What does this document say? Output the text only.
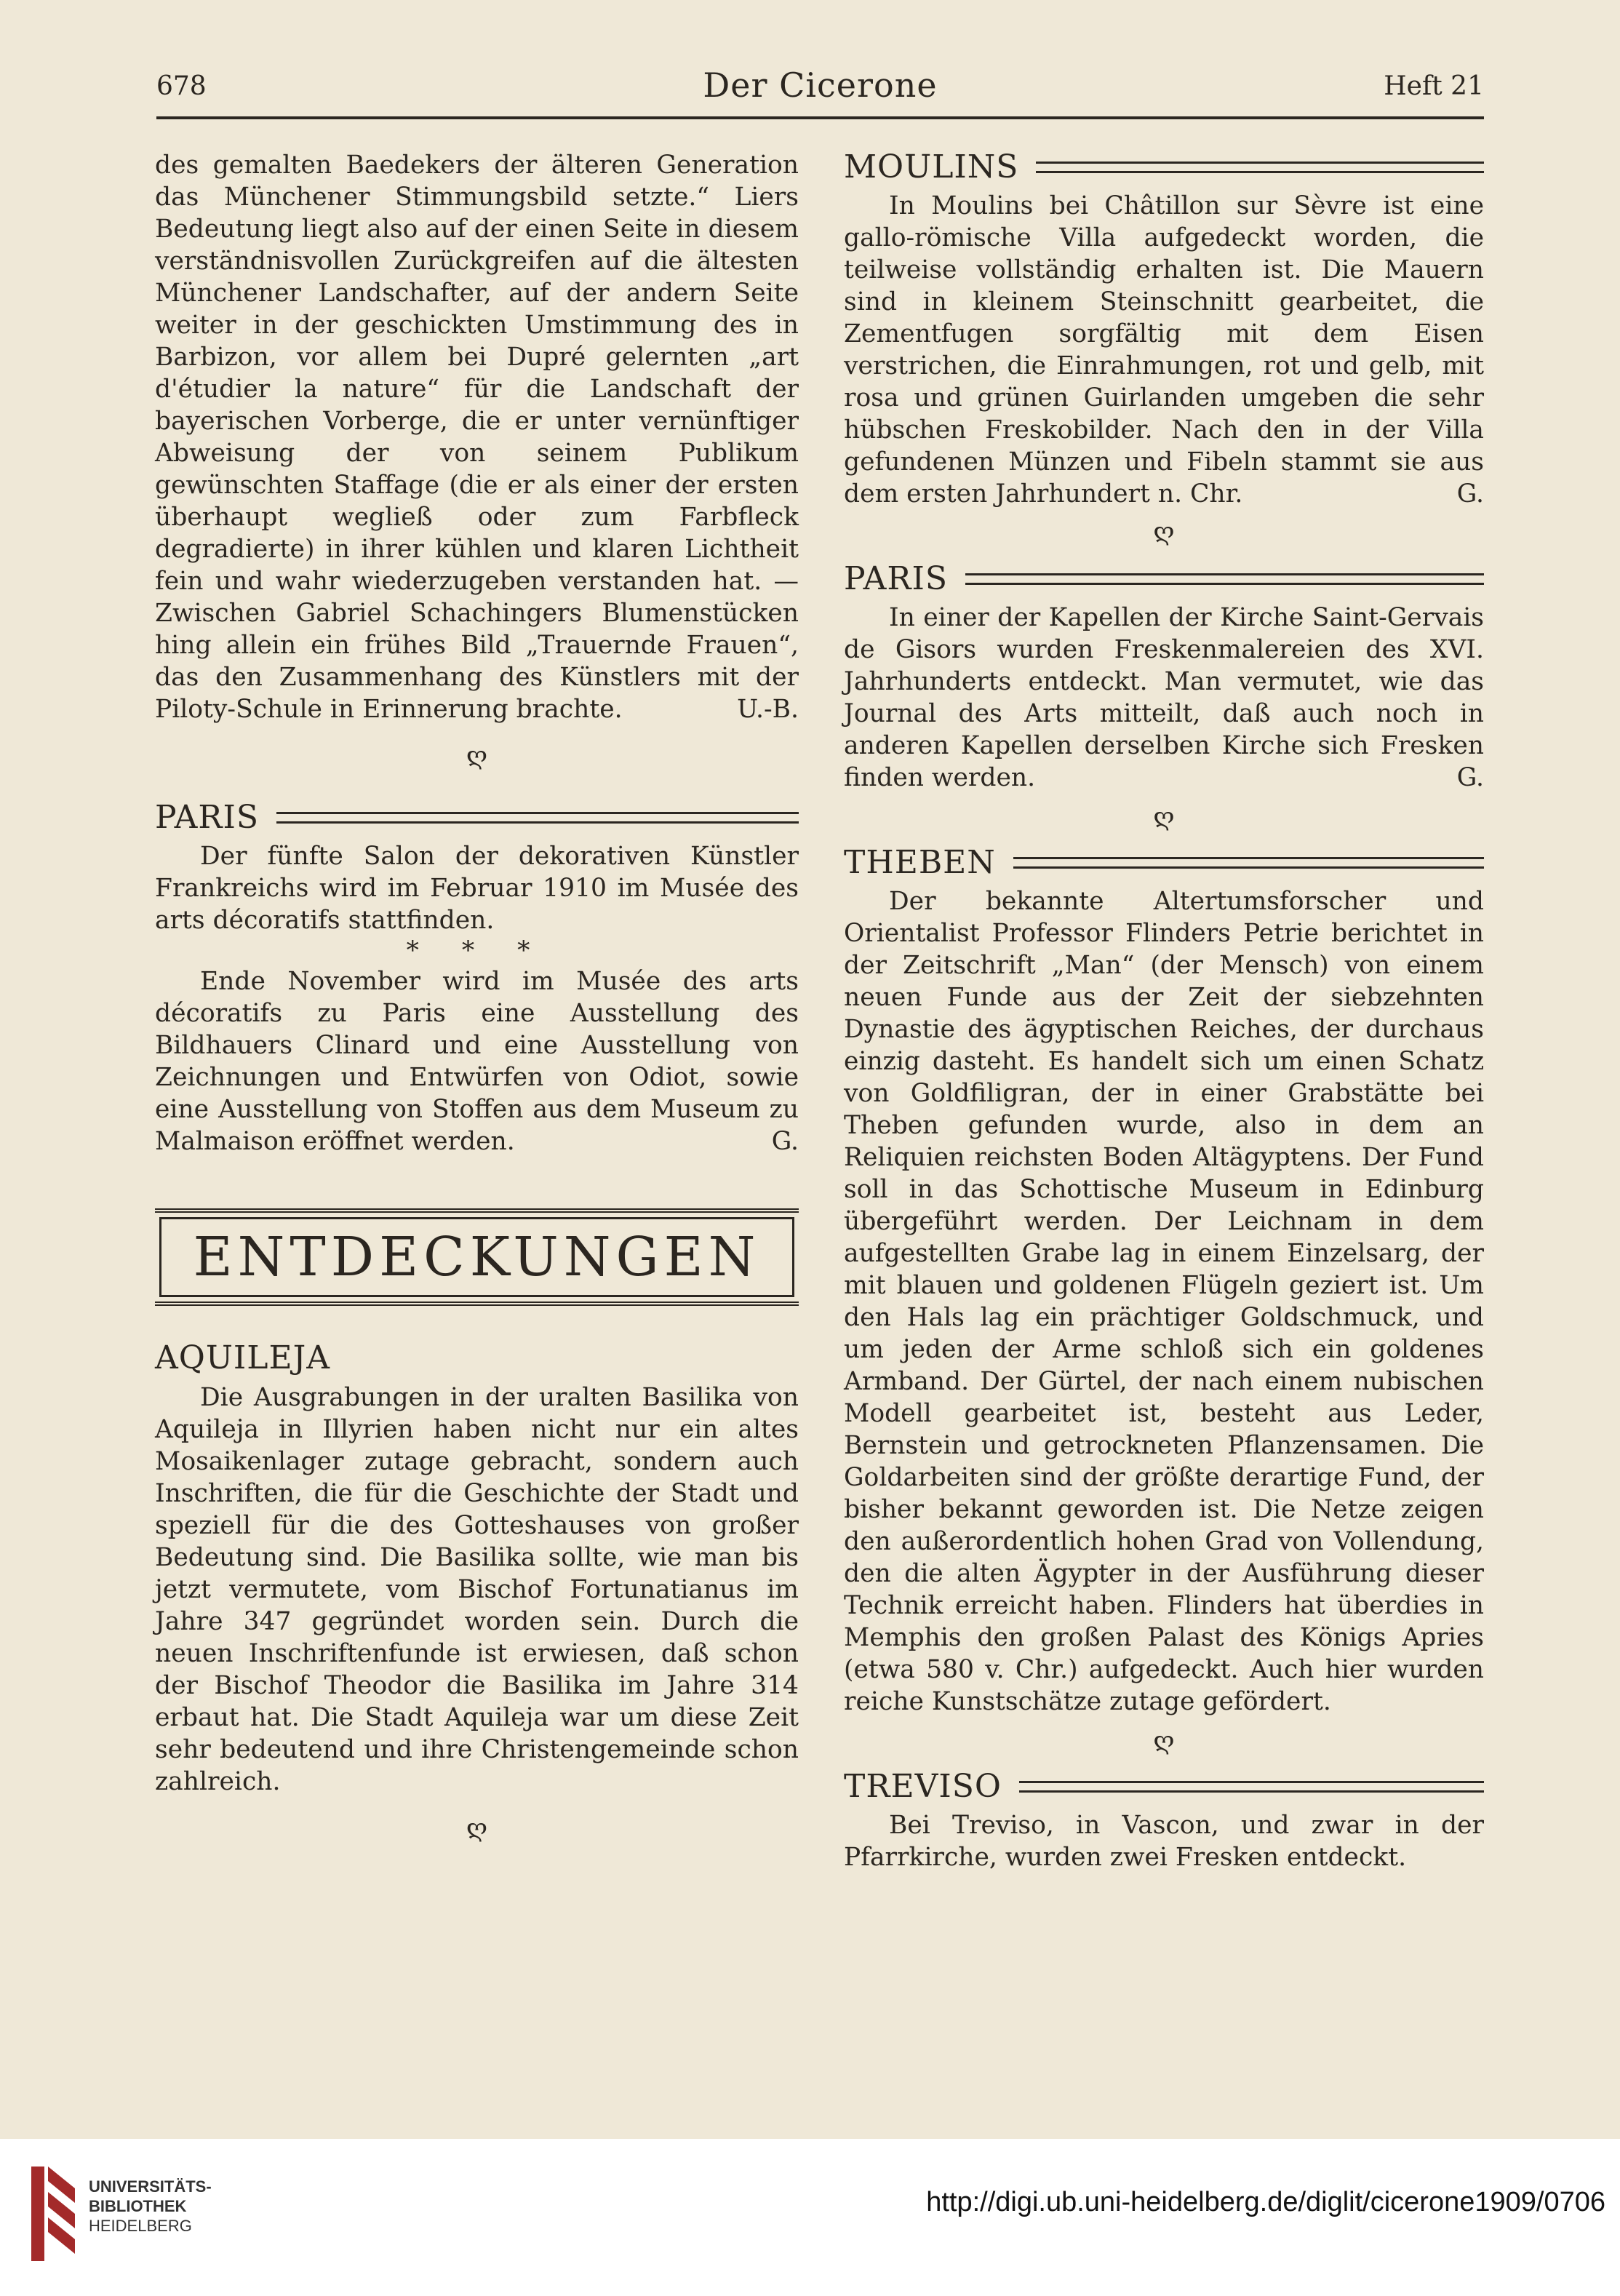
678	Der Cicerone	Heft 21

des gemalten Baedekers der älteren Generation das Münchener Stimmungsbild setzte.“ Liers Bedeutung liegt also auf der einen Seite in diesem verständnisvollen Zurückgreifen auf die ältesten Münchener Landschafter, auf der andern Seite weiter in der geschickten Umstimmung des in Barbizon, vor allem bei Dupré gelernten „art d'étudier la nature“ für die Landschaft der bayerischen Vorberge, die er unter vernünftiger Abweisung der von seinem Publikum gewünschten Staffage (die er als einer der ersten überhaupt wegließ oder zum Farbfleck degradierte) in ihrer kühlen und klaren Lichtheit fein und wahr wiederzugeben verstanden hat. — Zwischen Gabriel Schachingers Blumenstücken hing allein ein frühes Bild „Trauernde Frauen“, das den Zusammenhang des Künstlers mit der Piloty-Schule in Erinnerung brachte.	U.-B.

ღ
PARIS

Der fünfte Salon der dekorativen Künstler Frankreichs wird im Februar 1910 im Musée des arts décoratifs stattfinden.

* * *

Ende November wird im Musée des arts décoratifs zu Paris eine Ausstellung des Bildhauers Clinard und eine Ausstellung von Zeichnungen und Entwürfen von Odiot, sowie eine Ausstellung von Stoffen aus dem Museum zu Malmaison eröffnet werden.	G.

ENTDECKUNGEN
AQUILEJA

Die Ausgrabungen in der uralten Basilika von Aquileja in Illyrien haben nicht nur ein altes Mosaikenlager zutage gebracht, sondern auch Inschriften, die für die Geschichte der Stadt und speziell für die des Gotteshauses von großer Bedeutung sind. Die Basilika sollte, wie man bis jetzt vermutete, vom Bischof Fortunatianus im Jahre 347 gegründet worden sein. Durch die neuen Inschriftenfunde ist erwiesen, daß schon der Bischof Theodor die Basilika im Jahre 314 erbaut hat. Die Stadt Aquileja war um diese Zeit sehr bedeutend und ihre Christengemeinde schon zahlreich.

ღ
MOULINS

In Moulins bei Châtillon sur Sèvre ist eine gallo-römische Villa aufgedeckt worden, die teilweise vollständig erhalten ist. Die Mauern sind in kleinem Steinschnitt gearbeitet, die Zementfugen sorgfältig mit dem Eisen verstrichen, die Einrahmungen, rot und gelb, mit rosa und grünen Guirlanden umgeben die sehr hübschen Freskobilder. Nach den in der Villa gefundenen Münzen und Fibeln stammt sie aus dem ersten Jahrhundert n. Chr.	G.

ღ
PARIS

In einer der Kapellen der Kirche Saint-Gervais de Gisors wurden Freskenmalereien des XVI. Jahrhunderts entdeckt. Man vermutet, wie das Journal des Arts mitteilt, daß auch noch in anderen Kapellen derselben Kirche sich Fresken finden werden.	G.

ღ
THEBEN

Der bekannte Altertumsforscher und Orientalist Professor Flinders Petrie berichtet in der Zeitschrift „Man“ (der Mensch) von einem neuen Funde aus der Zeit der siebzehnten Dynastie des ägyptischen Reiches, der durchaus einzig dasteht. Es handelt sich um einen Schatz von Goldfiligran, der in einer Grabstätte bei Theben gefunden wurde, also in dem an Reliquien reichsten Boden Altägyptens. Der Fund soll in das Schottische Museum in Edinburg übergeführt werden. Der Leichnam in dem aufgestellten Grabe lag in einem Einzelsarg, der mit blauen und goldenen Flügeln geziert ist. Um den Hals lag ein prächtiger Goldschmuck, und um jeden der Arme schloß sich ein goldenes Armband. Der Gürtel, der nach einem nubischen Modell gearbeitet ist, besteht aus Leder, Bernstein und getrockneten Pflanzensamen. Die Goldarbeiten sind der größte derartige Fund, der bisher bekannt geworden ist. Die Netze zeigen den außerordentlich hohen Grad von Vollendung, den die alten Ägypter in der Ausführung dieser Technik erreicht haben. Flinders hat überdies in Memphis den großen Palast des Königs Apries (etwa 580 v. Chr.) aufgedeckt. Auch hier wurden reiche Kunstschätze zutage gefördert.

ღ
TREVISO

Bei Treviso, in Vascon, und zwar in der Pfarrkirche, wurden zwei Fresken entdeckt.

UNIVERSITÄTS-
BIBLIOTHEK
HEIDELBERG
http://digi.ub.uni-heidelberg.de/diglit/cicerone1909/0706
